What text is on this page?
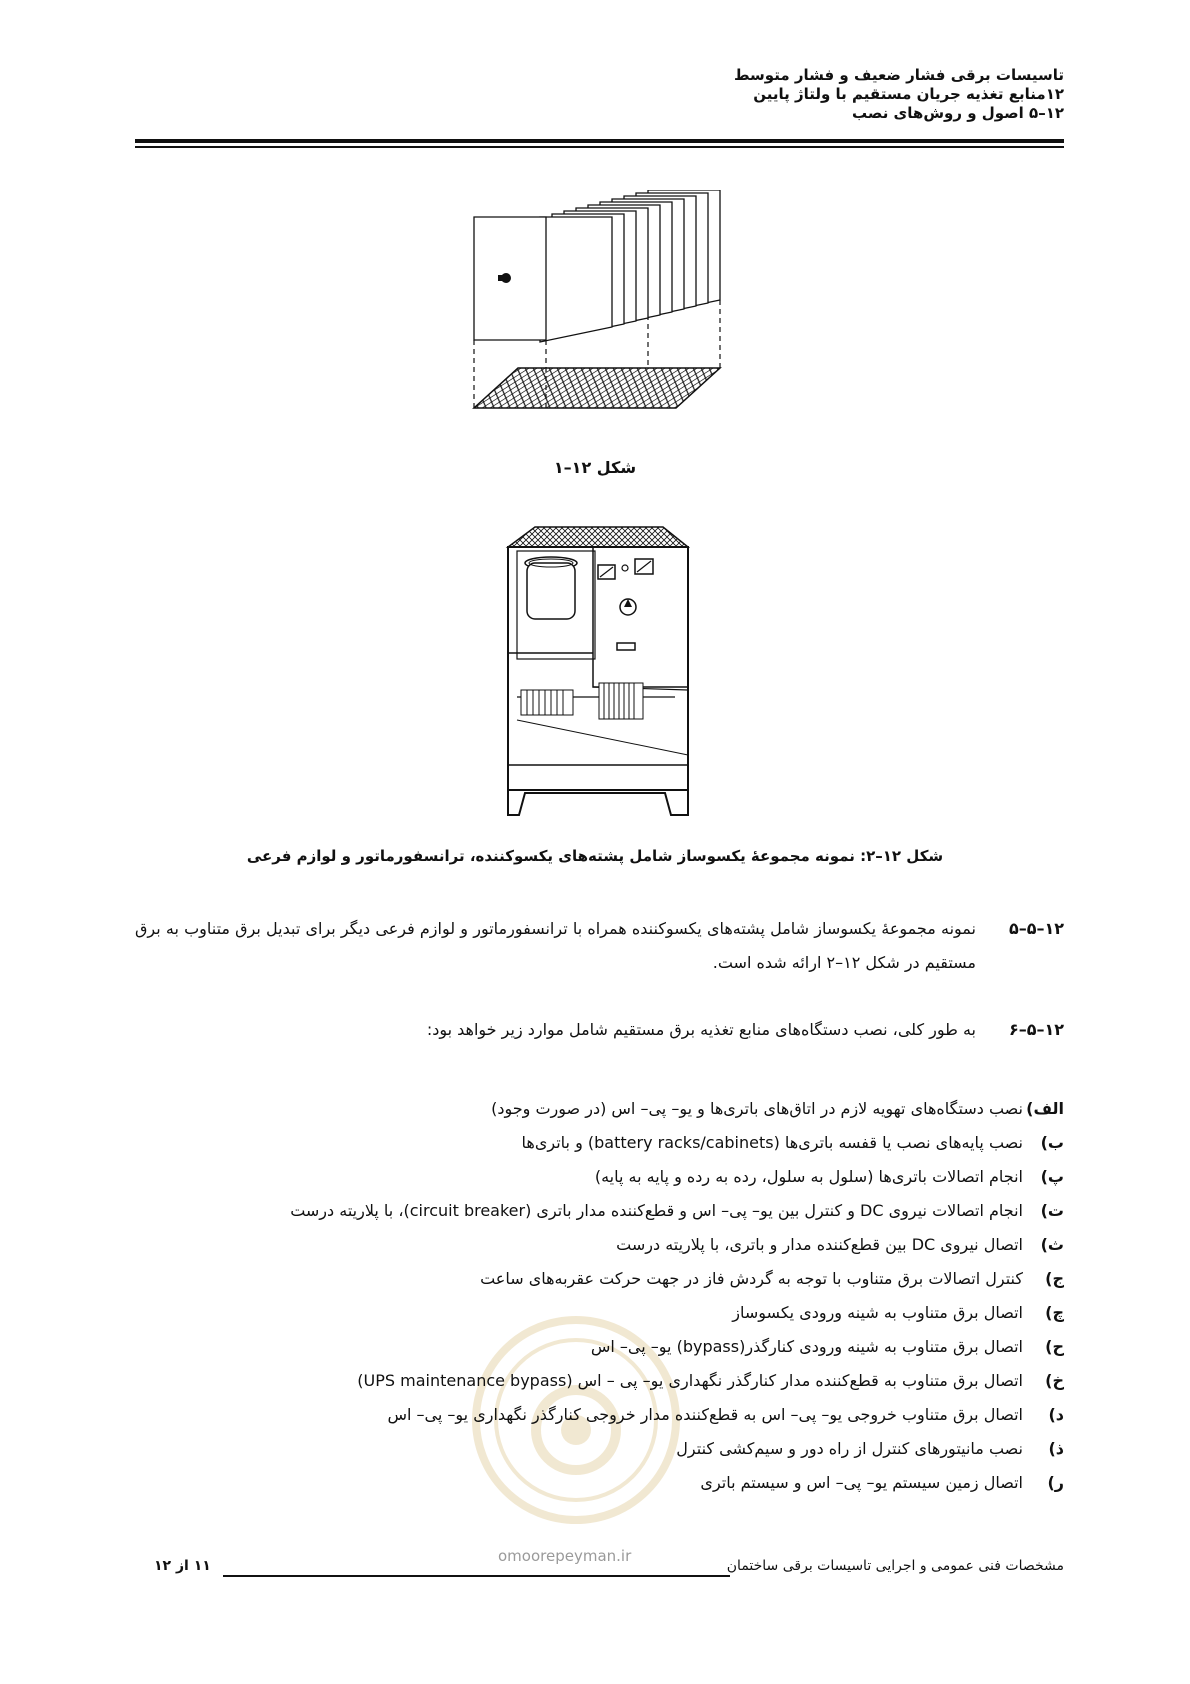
تاسیسات برقی فشار ضعیف و فشار متوسط
۱۲منابع تغذیه جریان مستقیم با ولتاژ پایین
۱۲–۵ اصول و روش‌های نصب
شکل ۱۲–۱
شکل ۱۲–۲: نمونه مجموعهٔ یکسوساز شامل پشته‌های یکسوکننده، ترانسفورماتور و لوازم فرعی
۱۲–۵–۵
نمونه مجموعهٔ یکسوساز شامل پشته‌های یکسوکننده همراه با ترانسفورماتور و لوازم فرعی دیگر برای تبدیل برق متناوب به برق مستقیم در شکل ۱۲–۲ ارائه شده است.
۱۲–۵–۶
به طور کلی، نصب دستگاه‌های منابع تغذیه برق مستقیم شامل موارد زیر خواهد بود:
omoorepeyman.ir
الف)
نصب دستگاه‌های تهویه لازم در اتاق‌های باتری‌ها و یو– پی– اس (در صورت وجود)
ب)
نصب پایه‌های نصب یا قفسه باتری‌ها (battery racks/cabinets) و باتری‌ها
پ)
انجام اتصالات باتری‌ها (سلول به سلول، رده به رده و پایه به پایه)
ت)
انجام اتصالات نیروی DC و کنترل بین یو– پی– اس و قطع‌کننده مدار باتری (circuit breaker)، با پلاریته درست
ث)
اتصال نیروی DC بین قطع‌کننده مدار و باتری، با پلاریته درست
ج)
کنترل اتصالات برق متناوب با توجه به گردش فاز در جهت حرکت عقربه‌های ساعت
چ)
اتصال برق متناوب به شینه ورودی یکسوساز
ح)
اتصال برق متناوب به شینه ورودی کنارگذر(bypass) یو– پی– اس
خ)
اتصال برق متناوب به قطع‌کننده مدار کنارگذر نگهداری یو– پی – اس (UPS maintenance bypass)
د)
اتصال برق متناوب خروجی یو– پی– اس به قطع‌کننده مدار خروجی کنارگذر نگهداری یو– پی– اس
ذ)
نصب مانیتورهای کنترل از راه دور و سیم‌کشی کنترل
ر)
اتصال زمین سیستم یو– پی– اس و سیستم باتری
مشخصات فنی عمومی و اجرایی تاسیسات برقی ساختمان
۱۱ از ۱۲
